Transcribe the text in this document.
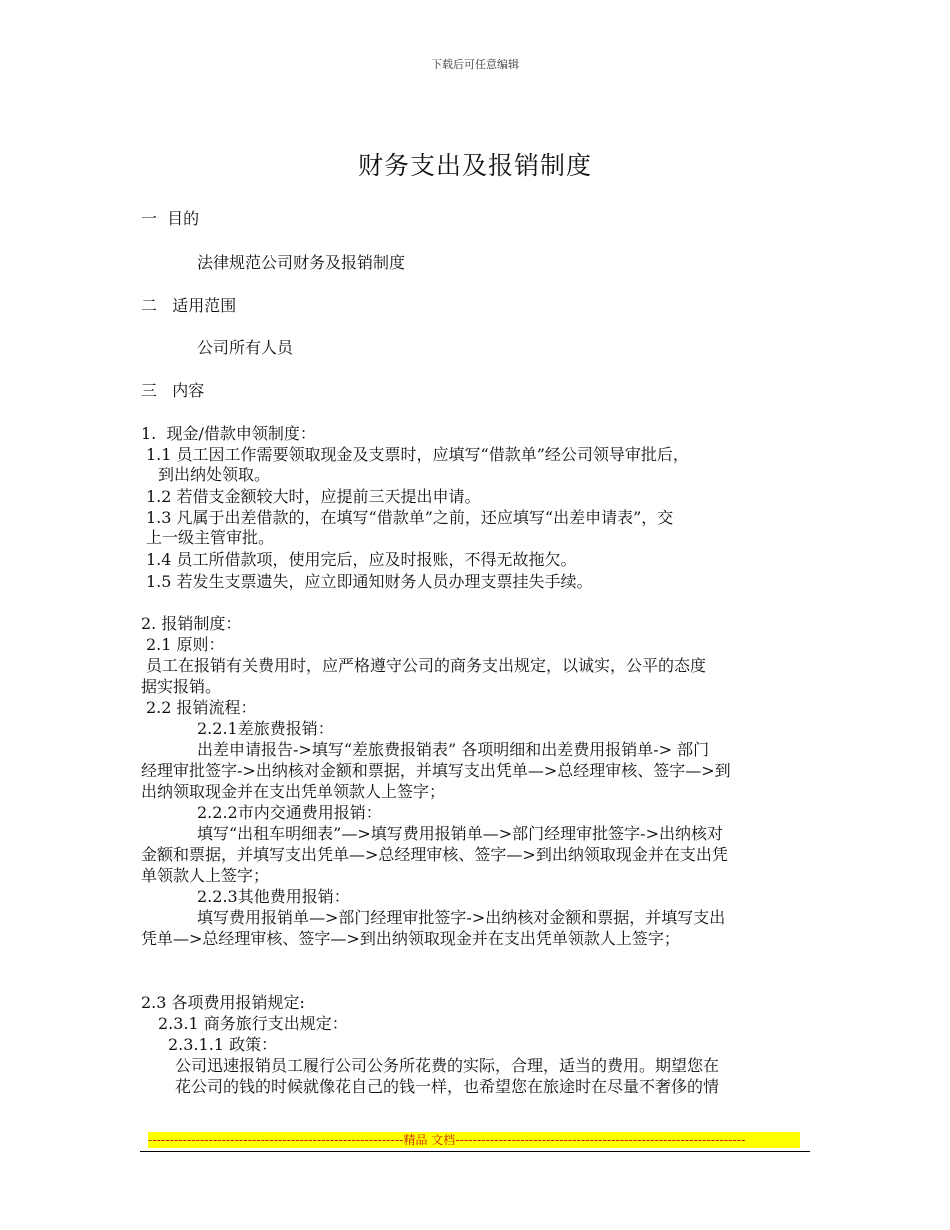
下载后可任意编辑
财务支出及报销制度
一  目的
法律规范公司财务及报销制度
二   适用范围
公司所有人员
三   内容
1.  现金/借款申领制度：
1.1 员工因工作需要领取现金及支票时，应填写“借款单”经公司领导审批后，
到出纳处领取。
1.2 若借支金额较大时，应提前三天提出申请。
1.3 凡属于出差借款的，在填写“借款单”之前，还应填写“出差申请表”，交
上一级主管审批。
1.4 员工所借款项，使用完后，应及时报账，不得无故拖欠。
1.5 若发生支票遗失，应立即通知财务人员办理支票挂失手续。
2. 报销制度：
2.1 原则：
员工在报销有关费用时，应严格遵守公司的商务支出规定，以诚实，公平的态度
据实报销。
2.2 报销流程：
2.2.1差旅费报销：
出差申请报告->填写“差旅费报销表” 各项明细和出差费用报销单-> 部门
经理审批签字->出纳核对金额和票据，并填写支出凭单—>总经理审核、签字—>到
出纳领取现金并在支出凭单领款人上签字；
2.2.2市内交通费用报销：
填写“出租车明细表”—>填写费用报销单—>部门经理审批签字->出纳核对
金额和票据，并填写支出凭单—>总经理审核、签字—>到出纳领取现金并在支出凭
单领款人上签字；
2.2.3其他费用报销：
填写费用报销单—>部门经理审批签字->出纳核对金额和票据，并填写支出
凭单—>总经理审核、签字—>到出纳领取现金并在支出凭单领款人上签字；
2.3 各项费用报销规定:
2.3.1 商务旅行支出规定：
2.3.1.1 政策：
公司迅速报销员工履行公司公务所花费的实际，合理，适当的费用。期望您在
花公司的钱的时候就像花自己的钱一样，也希望您在旅途时在尽量不奢侈的情
-----------------------------------------------------------精品 文档-------------------------------------------------------------------
